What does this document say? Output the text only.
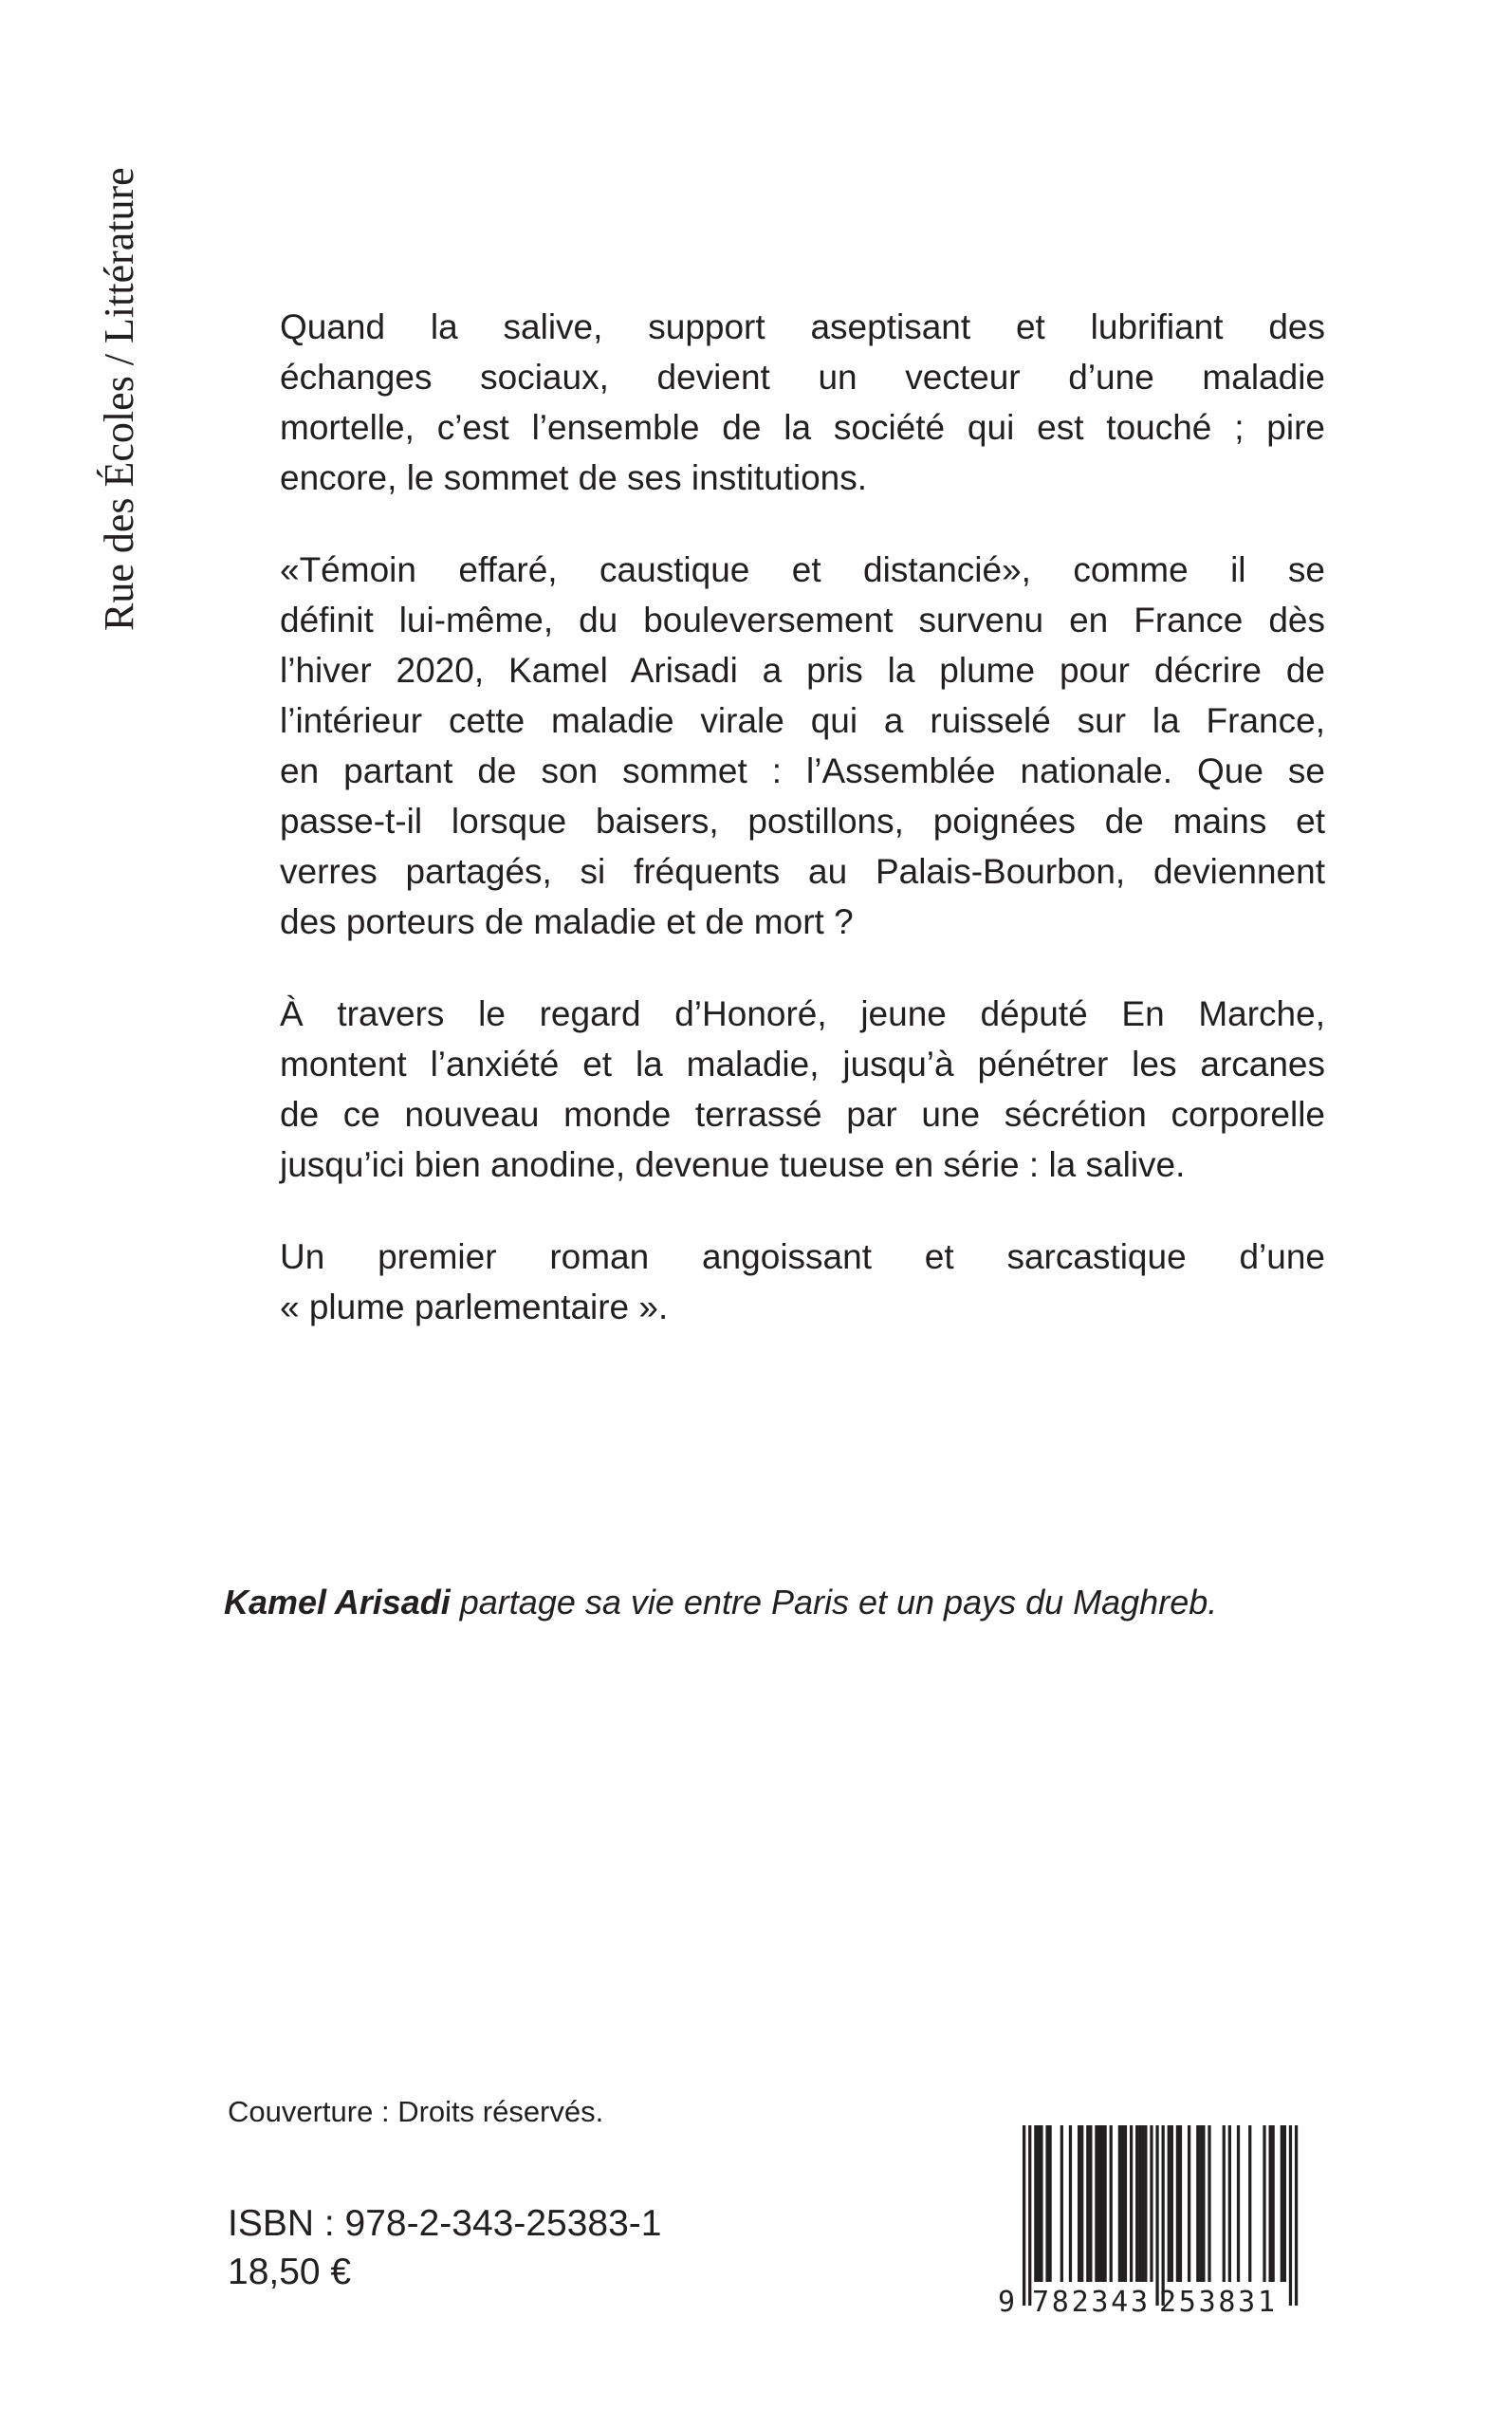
Rue des Écoles / Littérature	Quand la salive, support aseptisant et lubrifiant des
échanges sociaux, devient un vecteur d’une maladie
mortelle, c’est l’ensemble de la société qui est touché ; pire
encore, le sommet de ses institutions.
«Témoin effaré, caustique et distancié», comme il se
définit lui-même, du bouleversement survenu en France dès
l’hiver 2020, Kamel Arisadi a pris la plume pour décrire de
l’intérieur cette maladie virale qui a ruisselé sur la France,
en partant de son sommet : l’Assemblée nationale. Que se
passe-t-il lorsque baisers, postillons, poignées de mains et
verres partagés, si fréquents au Palais-Bourbon, deviennent
des porteurs de maladie et de mort ?
À travers le regard d’Honoré, jeune député En Marche,
montent l’anxiété et la maladie, jusqu’à pénétrer les arcanes
de ce nouveau monde terrassé par une sécrétion corporelle
jusqu’ici bien anodine, devenue tueuse en série : la salive.
Un premier roman angoissant et sarcastique d’une
« plume parlementaire ».
Kamel Arisadi partage sa vie entre Paris et un pays du Maghreb.
Couverture : Droits réservés.
ISBN : 978-2-343-25383-1
18,50 €
9 782343 253831
